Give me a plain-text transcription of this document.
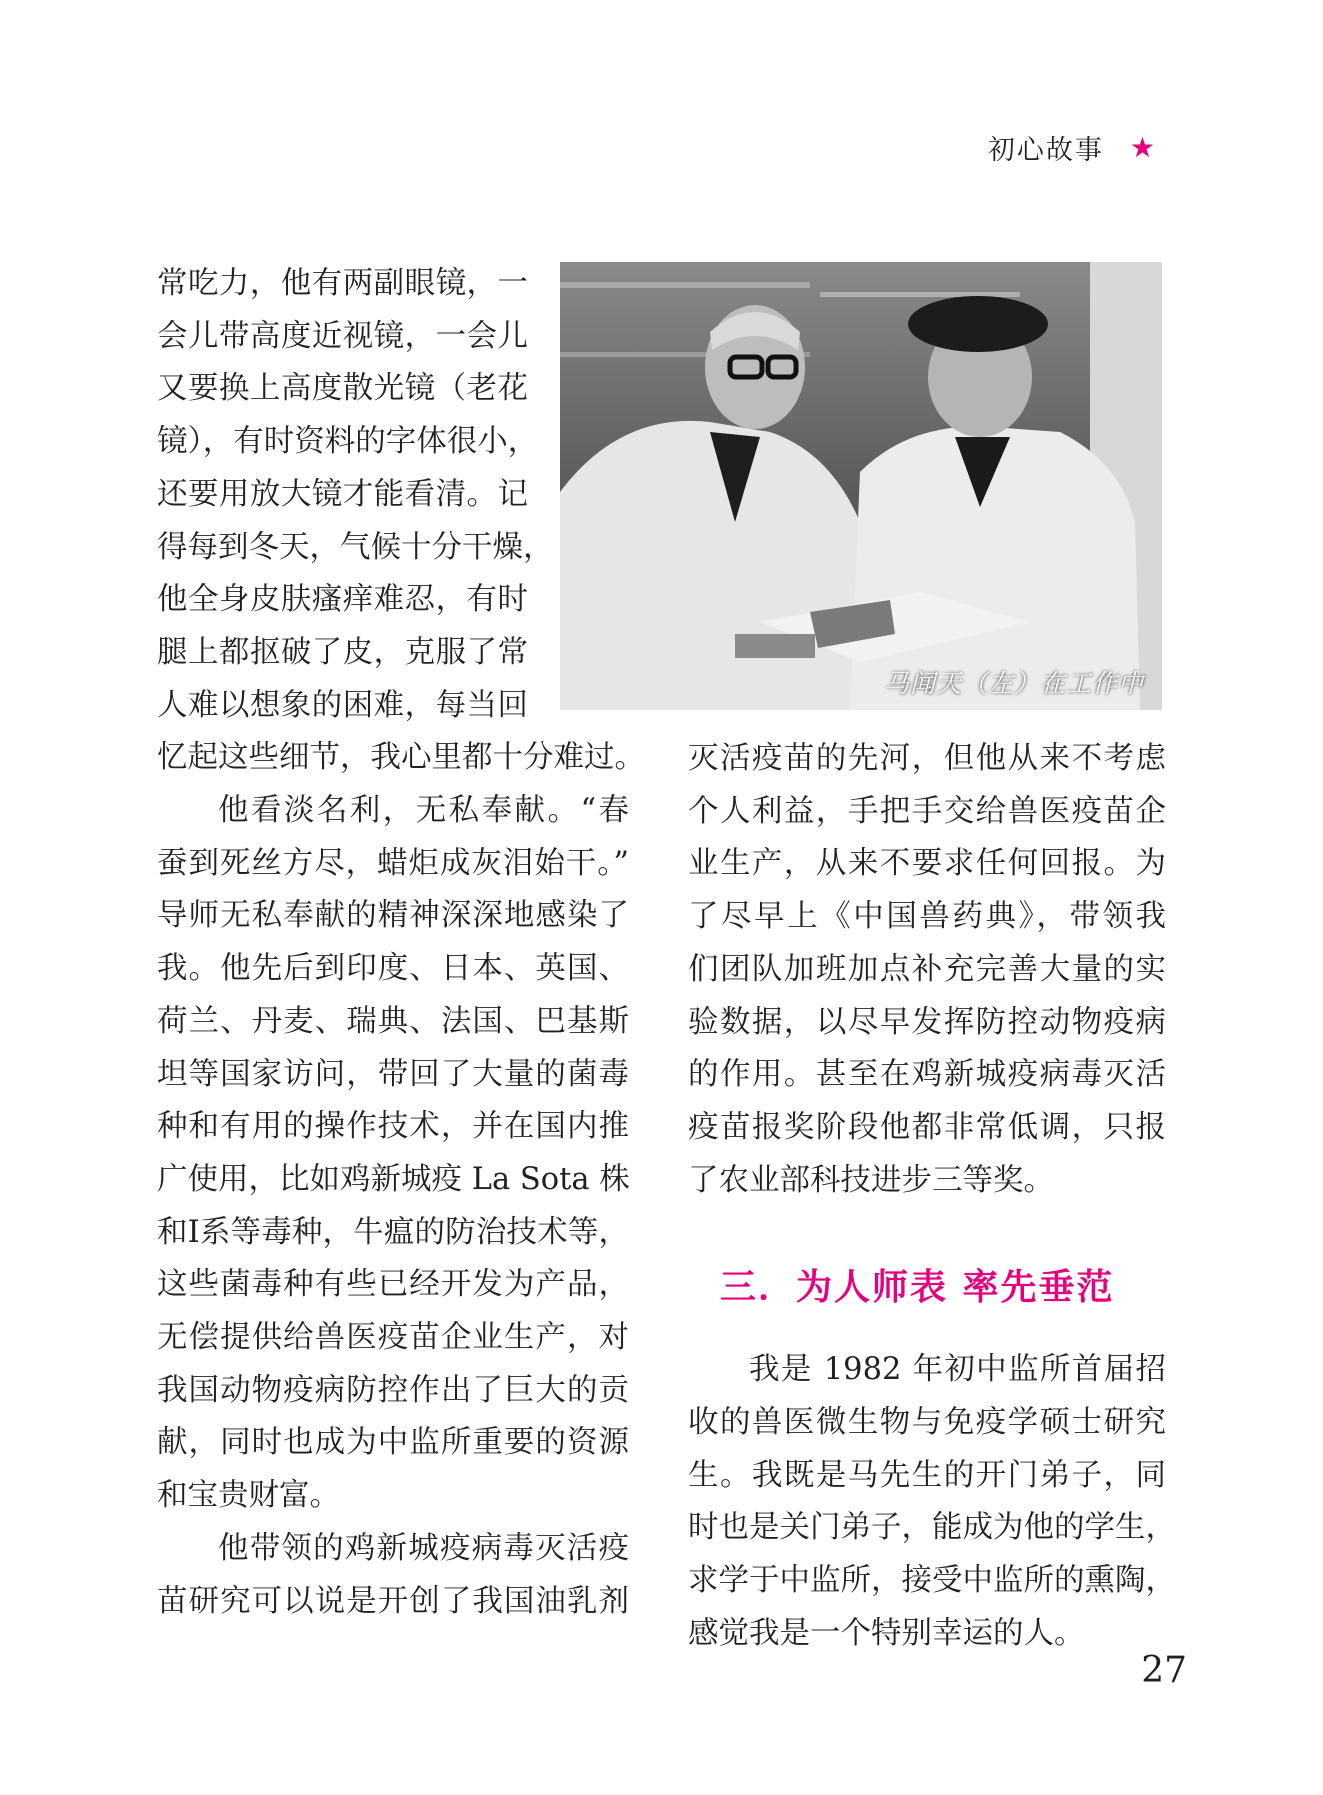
初心故事 ★
马闻天（左）在工作中

常吃力，他有两副眼镜，一
会儿带高度近视镜，一会儿
又要换上高度散光镜（老花
镜），有时资料的字体很小，
还要用放大镜才能看清。记
得每到冬天，气候十分干燥，
他全身皮肤瘙痒难忍，有时
腿上都抠破了皮，克服了常
人难以想象的困难，每当回
忆起这些细节，我心里都十分难过。

他看淡名利，无私奉献。“春
蚕到死丝方尽，蜡炬成灰泪始干。”
导师无私奉献的精神深深地感染了
我。他先后到印度、日本、英国、
荷兰、丹麦、瑞典、法国、巴基斯
坦等国家访问，带回了大量的菌毒
种和有用的操作技术，并在国内推
广使用，比如鸡新城疫 La Sota 株
和Ⅰ系等毒种，牛瘟的防治技术等，
这些菌毒种有些已经开发为产品，
无偿提供给兽医疫苗企业生产，对
我国动物疫病防控作出了巨大的贡
献，同时也成为中监所重要的资源
和宝贵财富。

他带领的鸡新城疫病毒灭活疫
苗研究可以说是开创了我国油乳剂

灭活疫苗的先河，但他从来不考虑
个人利益，手把手交给兽医疫苗企
业生产，从来不要求任何回报。为
了尽早上《中国兽药典》，带领我
们团队加班加点补充完善大量的实
验数据，以尽早发挥防控动物疫病
的作用。甚至在鸡新城疫病毒灭活
疫苗报奖阶段他都非常低调，只报
了农业部科技进步三等奖。

三．为人师表 率先垂范

我是 1982 年初中监所首届招
收的兽医微生物与免疫学硕士研究
生。我既是马先生的开门弟子，同
时也是关门弟子，能成为他的学生，
求学于中监所，接受中监所的熏陶，
感觉我是一个特别幸运的人。

27
